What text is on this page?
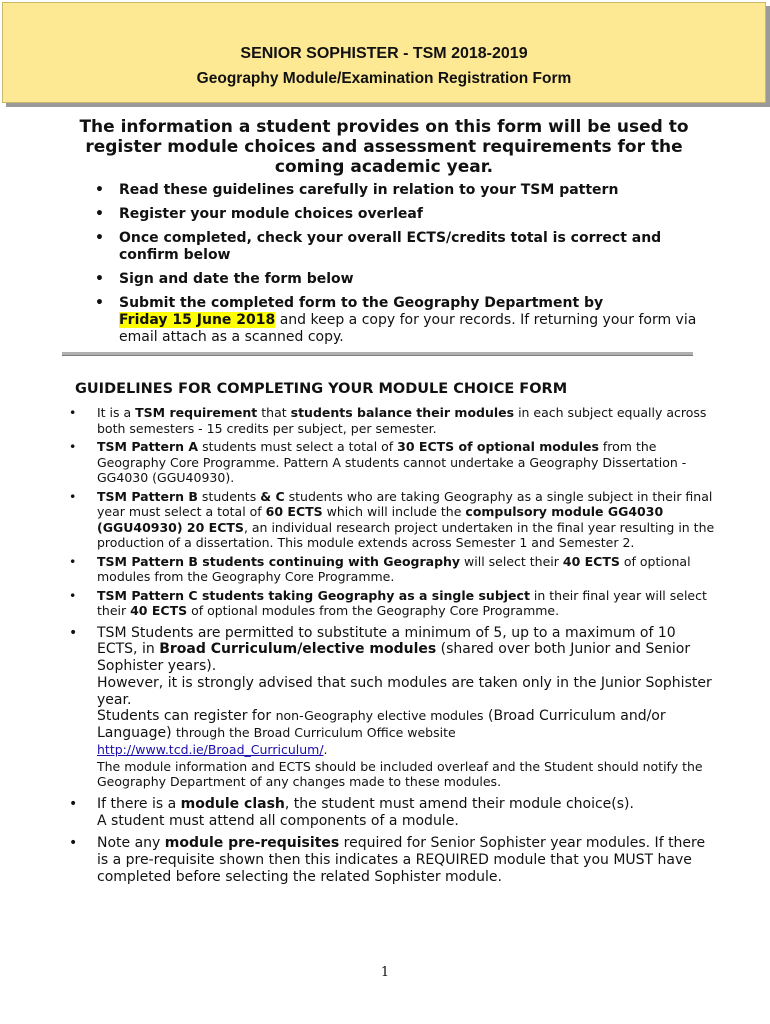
SENIOR SOPHISTER - TSM 2018-2019
Geography Module/Examination Registration Form
The information a student provides on this form will be used to register module choices and assessment requirements for the coming academic year.
• Read these guidelines carefully in relation to your TSM pattern
• Register your module choices overleaf
• Once completed, check your overall ECTS/credits total is correct and confirm below
• Sign and date the form below
• Submit the completed form to the Geography Department by
Friday 15 June 2018 and keep a copy for your records. If returning your form via email attach as a scanned copy.
GUIDELINES FOR COMPLETING YOUR MODULE CHOICE FORM
• It is a TSM requirement that students balance their modules in each subject equally across both semesters - 15 credits per subject, per semester.
• TSM Pattern A students must select a total of 30 ECTS of optional modules from the Geography Core Programme. Pattern A students cannot undertake a Geography Dissertation - GG4030 (GGU40930).
• TSM Pattern B students & C students who are taking Geography as a single subject in their final year must select a total of 60 ECTS which will include the compulsory module GG4030 (GGU40930) 20 ECTS, an individual research project undertaken in the final year resulting in the production of a dissertation. This module extends across Semester 1 and Semester 2.
• TSM Pattern B students continuing with Geography will select their 40 ECTS of optional modules from the Geography Core Programme.
• TSM Pattern C students taking Geography as a single subject in their final year will select their 40 ECTS of optional modules from the Geography Core Programme.
• TSM Students are permitted to substitute a minimum of 5, up to a maximum of 10 ECTS, in Broad Curriculum/elective modules (shared over both Junior and Senior Sophister years).
However, it is strongly advised that such modules are taken only in the Junior Sophister year.
Students can register for non-Geography elective modules (Broad Curriculum and/or Language) through the Broad Curriculum Office website
http://www.tcd.ie/Broad_Curriculum/.
The module information and ECTS should be included overleaf and the Student should notify the Geography Department of any changes made to these modules.
• If there is a module clash, the student must amend their module choice(s).
A student must attend all components of a module.
• Note any module pre-requisites required for Senior Sophister year modules. If there is a pre-requisite shown then this indicates a REQUIRED module that you MUST have completed before selecting the related Sophister module.
1
